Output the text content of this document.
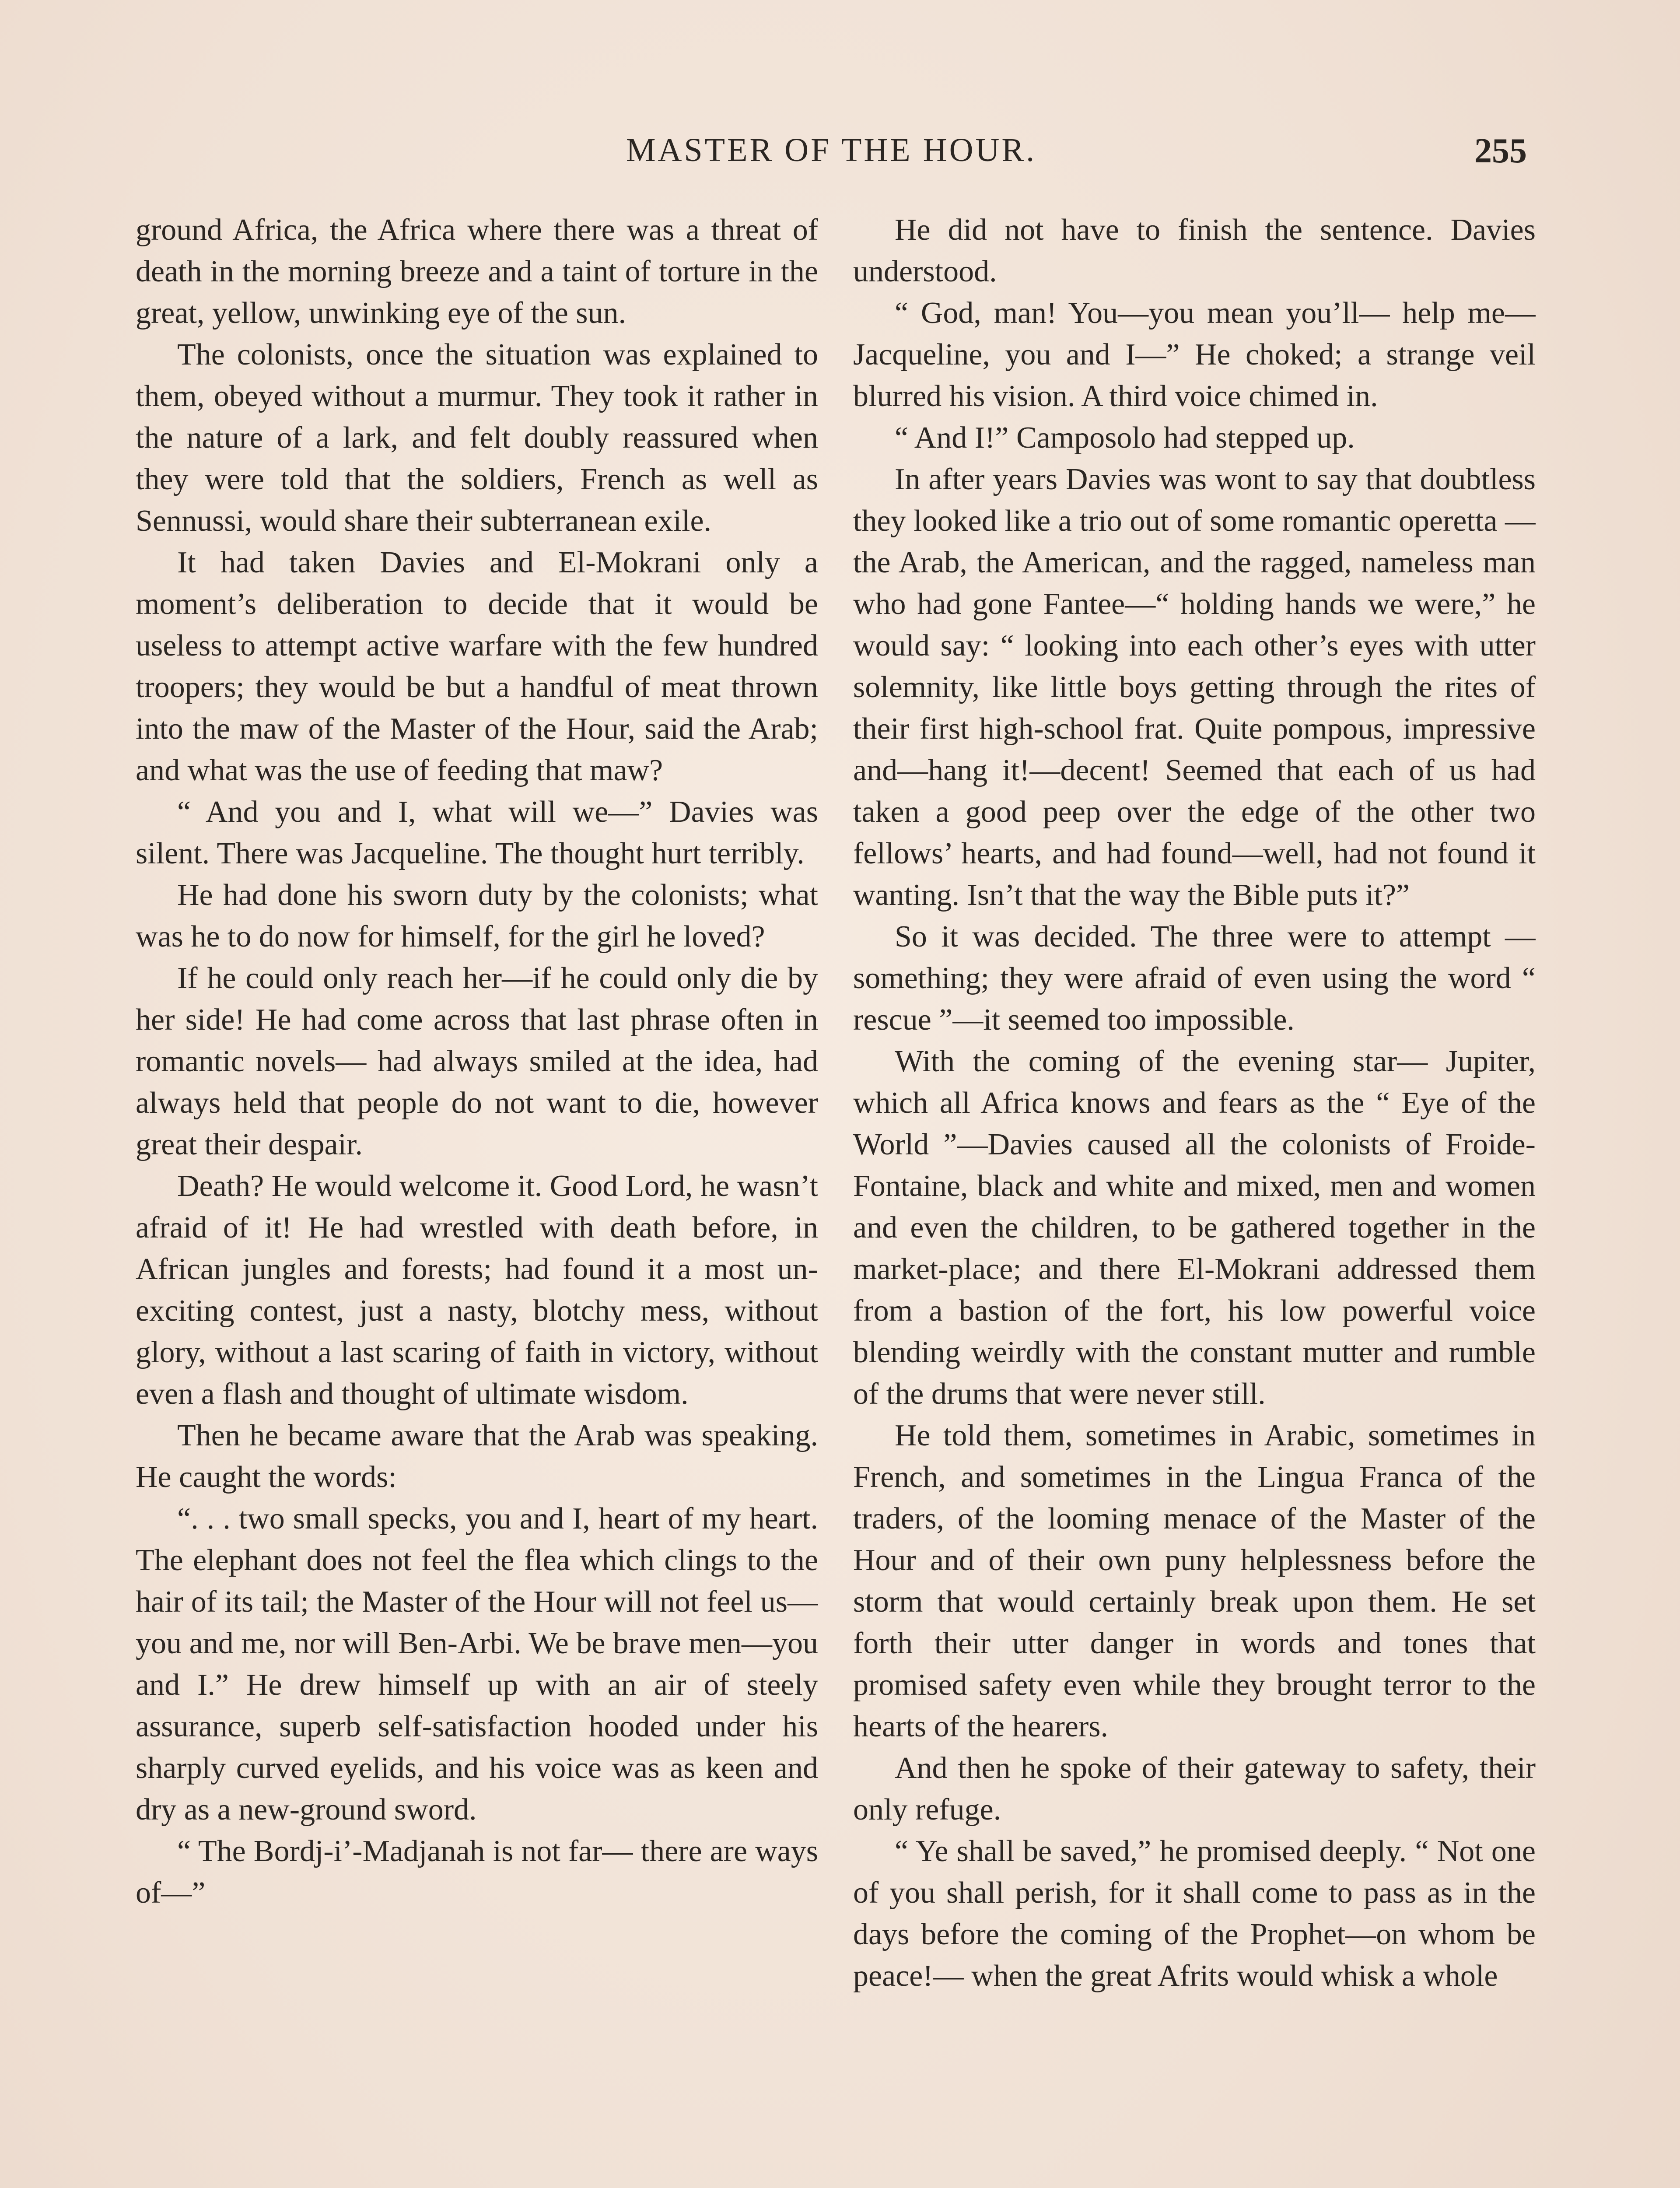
MASTER OF THE HOUR.	255

ground Africa, the Africa where there was a threat of death in the morning breeze and a taint of torture in the great, yellow, unwinking eye of the sun.

The colonists, once the situation was explained to them, obeyed without a murmur. They took it rather in the nature of a lark, and felt doubly reassured when they were told that the soldiers, French as well as Sennussi, would share their subterranean exile.

It had taken Davies and El-Mokrani only a moment’s deliberation to decide that it would be useless to attempt active warfare with the few hundred troopers; they would be but a handful of meat thrown into the maw of the Master of the Hour, said the Arab; and what was the use of feeding that maw?

“ And you and I, what will we—” Davies was silent. There was Jacqueline. The thought hurt terribly.

He had done his sworn duty by the colonists; what was he to do now for himself, for the girl he loved?

If he could only reach her—if he could only die by her side! He had come across that last phrase often in romantic novels— had always smiled at the idea, had always held that people do not want to die, however great their despair.

Death? He would welcome it. Good Lord, he wasn’t afraid of it! He had wrestled with death before, in African jungles and forests; had found it a most unexciting contest, just a nasty, blotchy mess, without glory, without a last scaring of faith in victory, without even a flash and thought of ultimate wisdom.

Then he became aware that the Arab was speaking. He caught the words:

“. . . two small specks, you and I, heart of my heart. The elephant does not feel the flea which clings to the hair of its tail; the Master of the Hour will not feel us—you and me, nor will Ben-Arbi. We be brave men—you and I.” He drew himself up with an air of steely assurance, superb self-satisfaction hooded under his sharply curved eyelids, and his voice was as keen and dry as a new-ground sword.

“ The Bordj-i’-Madjanah is not far— there are ways of—”

He did not have to finish the sentence. Davies understood.

“ God, man! You—you mean you’ll— help me— Jacqueline, you and I—” He choked; a strange veil blurred his vision. A third voice chimed in.

“ And I!” Camposolo had stepped up.

In after years Davies was wont to say that doubtless they looked like a trio out of some romantic operetta — the Arab, the American, and the ragged, nameless man who had gone Fantee—“ holding hands we were,” he would say: “ looking into each other’s eyes with utter solemnity, like little boys getting through the rites of their first high-school frat. Quite pompous, impressive and—hang it!—decent! Seemed that each of us had taken a good peep over the edge of the other two fellows’ hearts, and had found—well, had not found it wanting. Isn’t that the way the Bible puts it?”

So it was decided. The three were to attempt — something; they were afraid of even using the word “ rescue ”—it seemed too impossible.

With the coming of the evening star— Jupiter, which all Africa knows and fears as the “ Eye of the World ”—Davies caused all the colonists of Froide-Fontaine, black and white and mixed, men and women and even the children, to be gathered together in the market-place; and there El-Mokrani addressed them from a bastion of the fort, his low powerful voice blending weirdly with the constant mutter and rumble of the drums that were never still.

He told them, sometimes in Arabic, sometimes in French, and sometimes in the Lingua Franca of the traders, of the looming menace of the Master of the Hour and of their own puny helplessness before the storm that would certainly break upon them. He set forth their utter danger in words and tones that promised safety even while they brought terror to the hearts of the hearers.

And then he spoke of their gateway to safety, their only refuge.

“ Ye shall be saved,” he promised deeply. “ Not one of you shall perish, for it shall come to pass as in the days before the coming of the Prophet—on whom be peace!— when the great Afrits would whisk a whole
